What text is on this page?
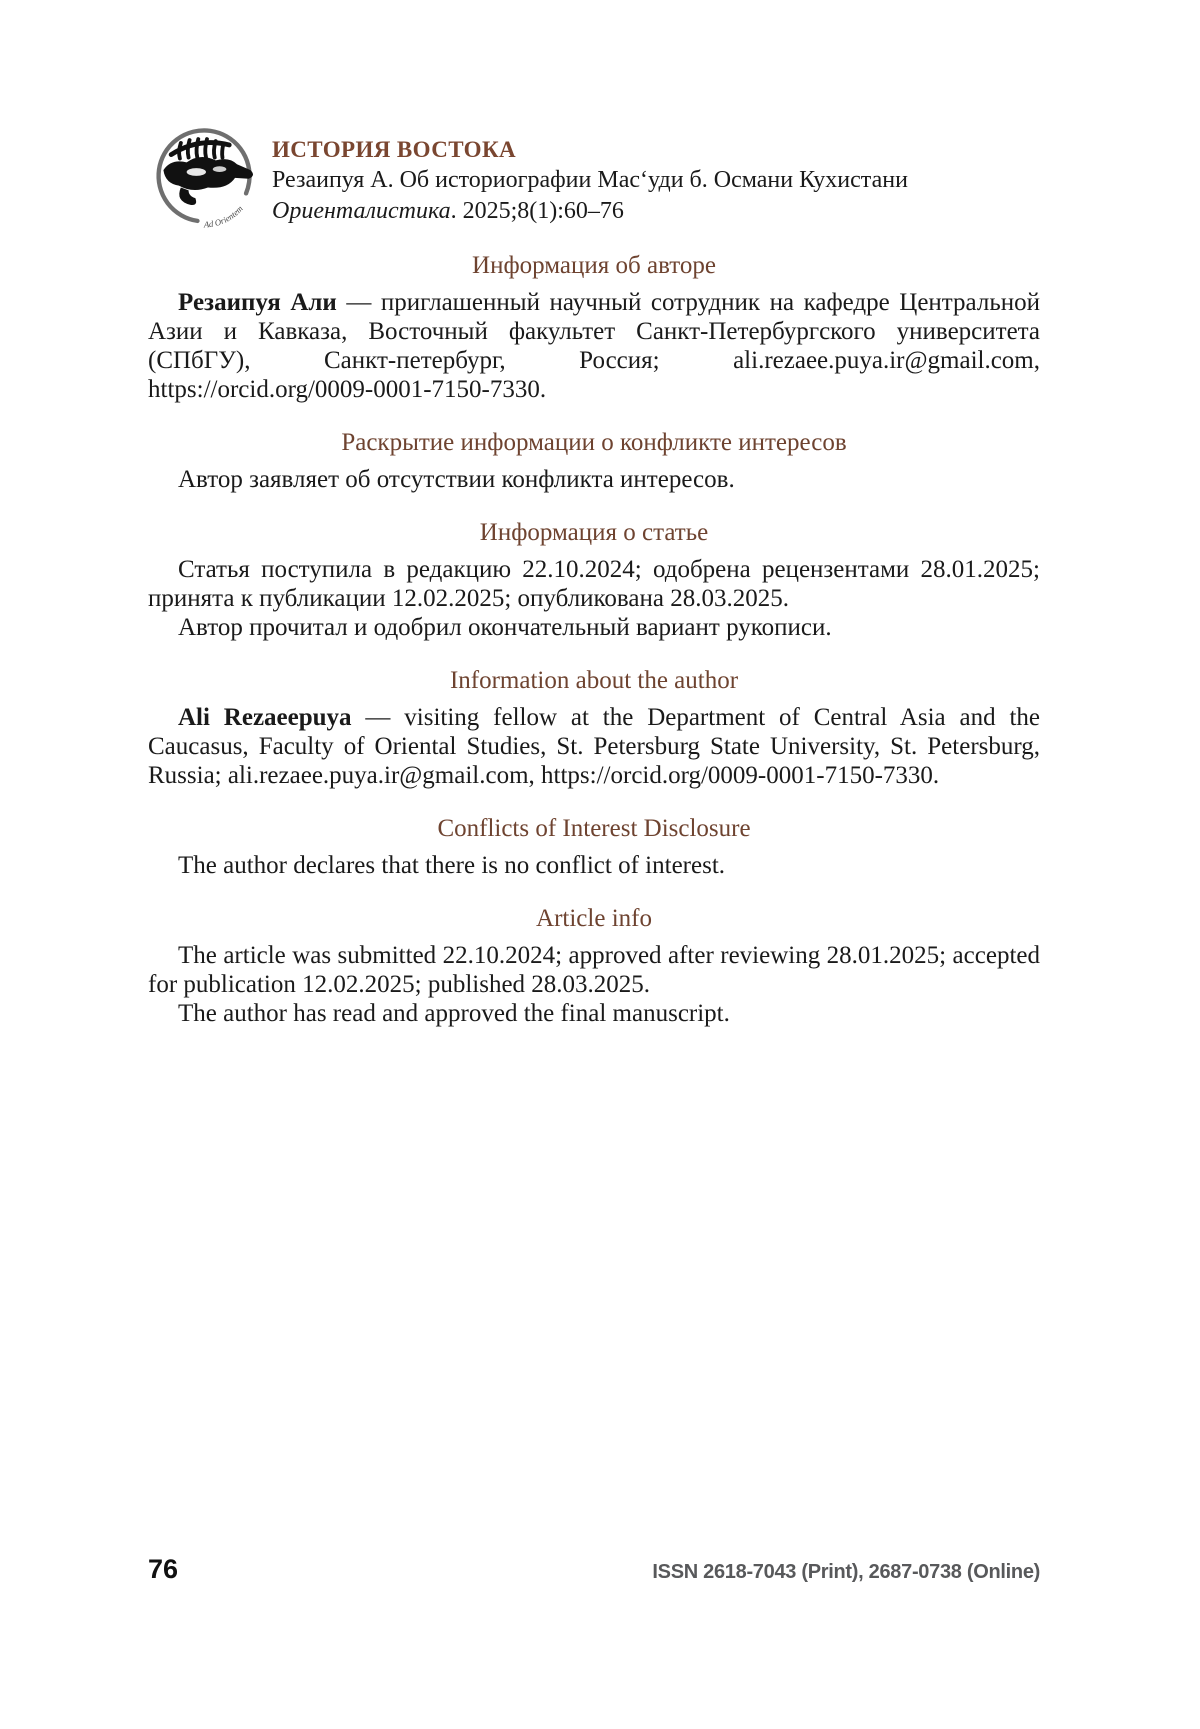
Ad Orientem
ИСТОРИЯ ВОСТОКА
Резаипуя А. Об историографии Масʻуди б. Османи Кухистани
Ориенталистика. 2025;8(1):60–76
Информация об авторе

Резаипуя Али — приглашенный научный сотрудник на кафедре Центральной Азии и Кавказа, Восточный факультет Санкт-Петербургского университета (СПбГУ), Санкт-петербург, Россия; ali.rezaee.puya.ir@gmail.com, https://orcid.org/0009-0001-7150-7330.

Раскрытие информации о конфликте интересов

Автор заявляет об отсутствии конфликта интересов.

Информация о статье

Статья поступила в редакцию 22.10.2024; одобрена рецензентами 28.01.2025; принята к публикации 12.02.2025; опубликована 28.03.2025.

Автор прочитал и одобрил окончательный вариант рукописи.

Information about the author

Ali Rezaeepuya — visiting fellow at the Department of Central Asia and the Caucasus, Faculty of Oriental Studies, St. Petersburg State University, St. Petersburg, Russia; ali.rezaee.puya.ir@gmail.com, https://orcid.org/0009-0001-7150-7330.

Conflicts of Interest Disclosure

The author declares that there is no conflict of interest.

Article info

The article was submitted 22.10.2024; approved after reviewing 28.01.2025; accepted for publication 12.02.2025; published 28.03.2025.

The author has read and approved the final manuscript.

76	ISSN 2618-7043 (Print), 2687-0738 (Online)
